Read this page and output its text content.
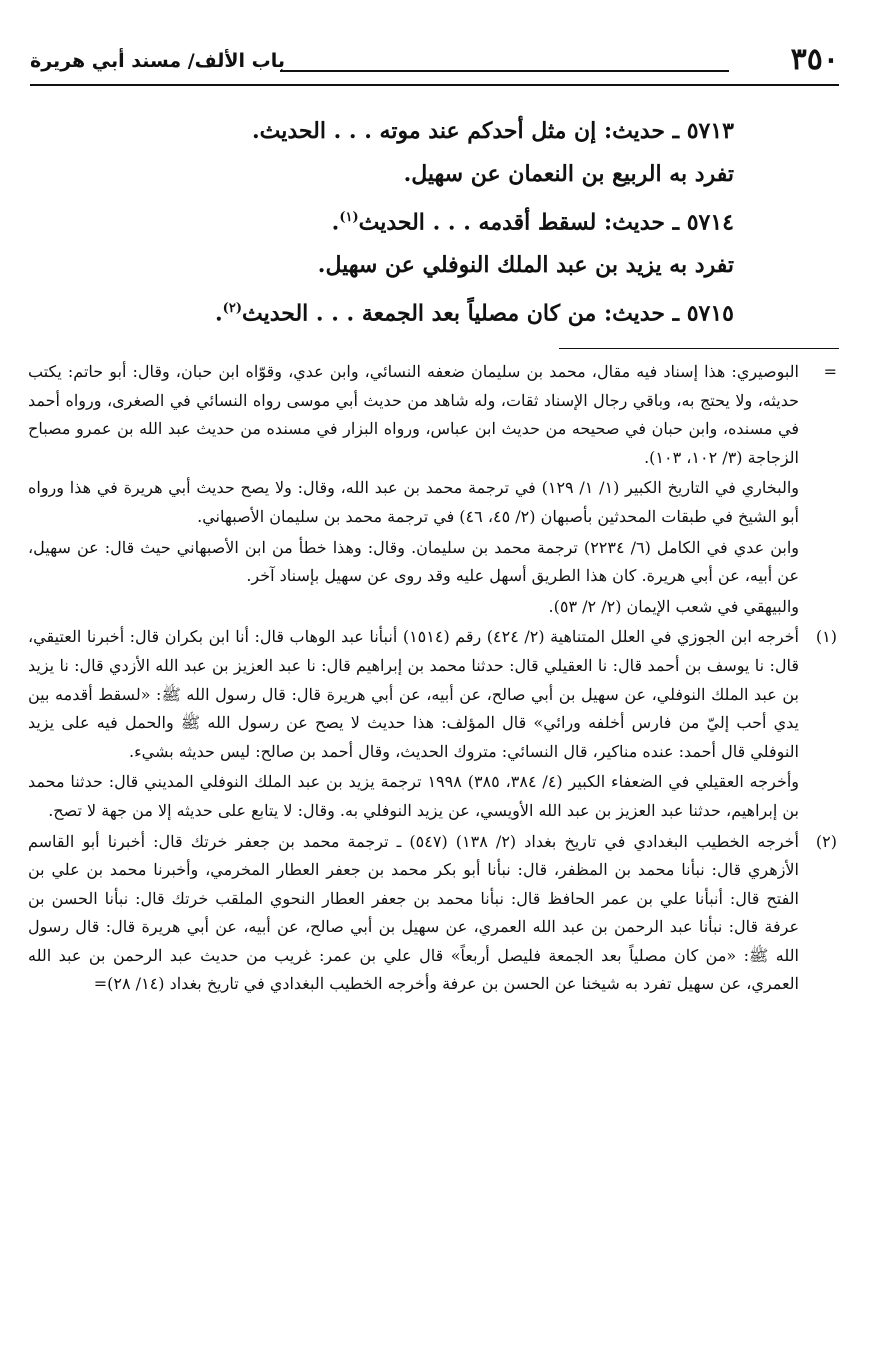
٣٥٠
باب الألف/ مسند أبي هريرة

٥٧١٣ ـ حديث: إن مثل أحدكم عند موته . . . الحديث.

تفرد به الربيع بن النعمان عن سهيل.

٥٧١٤ ـ حديث: لسقط أقدمه . . . الحديث$^{(١)}$.

تفرد به يزيد بن عبد الملك النوفلي عن سهيل.

٥٧١٥ ـ حديث: من كان مصلياً بعد الجمعة . . . الحديث$^{(٢)}$.

=

البوصيري: هذا إسناد فيه مقال، محمد بن سليمان ضعفه النسائي، وابن عدي، وقوّاه ابن حبان، وقال: أبو حاتم: يكتب حديثه، ولا يحتج به، وباقي رجال الإسناد ثقات، وله شاهد من حديث أبي موسى رواه النسائي في الصغرى، ورواه أحمد في مسنده، وابن حبان في صحيحه من حديث ابن عباس، ورواه البزار في مسنده من حديث عبد الله بن عمرو مصباح الزجاجة (٣/ ١٠٢، ١٠٣).

والبخاري في التاريخ الكبير (١/ ١/ ١٢٩) في ترجمة محمد بن عبد الله، وقال: ولا يصح حديث أبي هريرة في هذا ورواه أبو الشيخ في طبقات المحدثين بأصبهان (٢/ ٤٥، ٤٦) في ترجمة محمد بن سليمان الأصبهاني.

وابن عدي في الكامل (٦/ ٢٢٣٤) ترجمة محمد بن سليمان. وقال: وهذا خطأ من ابن الأصبهاني حيث قال: عن سهيل، عن أبيه، عن أبي هريرة. كان هذا الطريق أسهل عليه وقد روى عن سهيل بإسناد آخر.

والبيهقي في شعب الإيمان (٢/ ٢/ ٥٣).

(١)

أخرجه ابن الجوزي في العلل المتناهية (٢/ ٤٢٤) رقم (١٥١٤) أنبأنا عبد الوهاب قال: أنا ابن بكران قال: أخبرنا العتيقي، قال: نا يوسف بن أحمد قال: نا العقيلي قال: حدثنا محمد بن إبراهيم قال: نا عبد العزيز بن عبد الله الأزدي قال: نا يزيد بن عبد الملك النوفلي، عن سهيل بن أبي صالح، عن أبيه، عن أبي هريرة قال: قال رسول الله ﷺ: «لسقط أقدمه بين يدي أحب إليّ من فارس أخلفه ورائي» قال المؤلف: هذا حديث لا يصح عن رسول الله ﷺ والحمل فيه على يزيد النوفلي قال أحمد: عنده مناكير، قال النسائي: متروك الحديث، وقال أحمد بن صالح: ليس حديثه بشيء.

وأخرجه العقيلي في الضعفاء الكبير (٤/ ٣٨٤، ٣٨٥) ١٩٩٨ ترجمة يزيد بن عبد الملك النوفلي المديني قال: حدثنا محمد بن إبراهيم، حدثنا عبد العزيز بن عبد الله الأويسي، عن يزيد النوفلي به. وقال: لا يتابع على حديثه إلا من جهة لا تصح.

(٢)

أخرجه الخطيب البغدادي في تاريخ بغداد (٢/ ١٣٨) (٥٤٧) ـ ترجمة محمد بن جعفر خرتك قال: أخبرنا أبو القاسم الأزهري قال: نبأنا محمد بن المظفر، قال: نبأنا أبو بكر محمد بن جعفر العطار المخرمي، وأخبرنا محمد بن علي بن الفتح قال: أنبأنا علي بن عمر الحافظ قال: نبأنا محمد بن جعفر العطار النحوي الملقب خرتك قال: نبأنا الحسن بن عرفة قال: نبأنا عبد الرحمن بن عبد الله العمري، عن سهيل بن أبي صالح، عن أبيه، عن أبي هريرة قال: قال رسول الله ﷺ: «من كان مصلياً بعد الجمعة فليصل أربعاً» قال علي بن عمر: غريب من حديث عبد الرحمن بن عبد الله العمري، عن سهيل تفرد به شيخنا عن الحسن بن عرفة وأخرجه الخطيب البغدادي في تاريخ بغداد (١٤/ ٢٨)=
